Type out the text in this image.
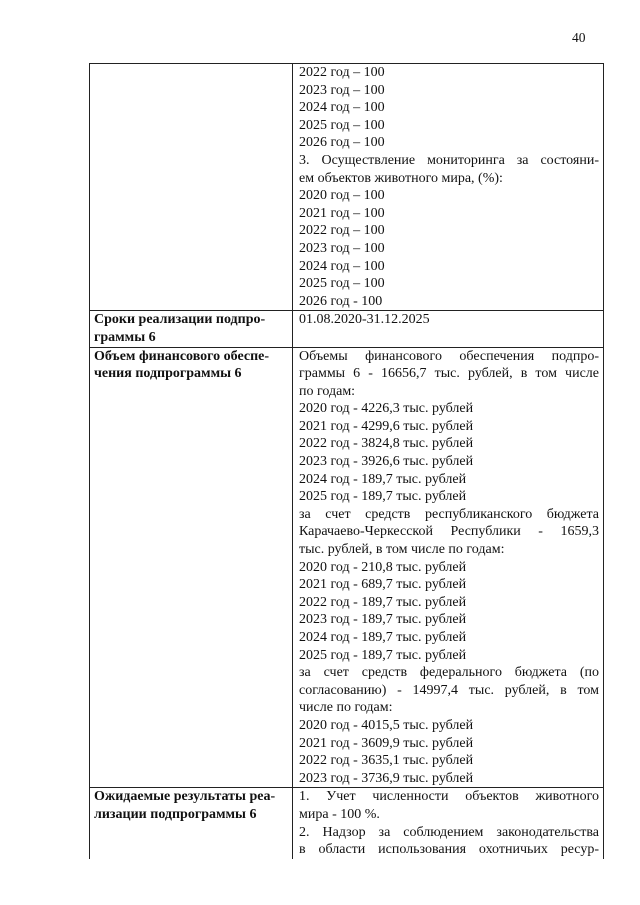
40
2022 год – 100
2023 год – 100
2024 год – 100
2025 год – 100
2026 год – 100
3. Осуществление мониторинга за состояни-
ем объектов животного мира, (%):
2020 год – 100
2021 год – 100
2022 год – 100
2023 год – 100
2024 год – 100
2025 год – 100
2026 год - 100
Сроки реализации подпро-
граммы 6
01.08.2020-31.12.2025
Объем финансового обеспе-
чения подпрограммы 6
Объемы финансового обеспечения подпро-
граммы 6 - 16656,7 тыс. рублей, в том числе
по годам:
2020 год - 4226,3 тыс. рублей
2021 год - 4299,6 тыс. рублей
2022 год - 3824,8 тыс. рублей
2023 год - 3926,6 тыс. рублей
2024 год - 189,7 тыс. рублей
2025 год - 189,7 тыс. рублей
за счет средств республиканского бюджета
Карачаево-Черкесской Республики - 1659,3
тыс. рублей, в том числе по годам:
2020 год - 210,8 тыс. рублей
2021 год - 689,7 тыс. рублей
2022 год - 189,7 тыс. рублей
2023 год - 189,7 тыс. рублей
2024 год - 189,7 тыс. рублей
2025 год - 189,7 тыс. рублей
за счет средств федерального бюджета (по
согласованию) - 14997,4 тыс. рублей, в том
числе по годам:
2020 год - 4015,5 тыс. рублей
2021 год - 3609,9 тыс. рублей
2022 год - 3635,1 тыс. рублей
2023 год - 3736,9 тыс. рублей
Ожидаемые результаты реа-
лизации подпрограммы 6
1. Учет численности объектов животного
мира - 100 %.
2. Надзор за соблюдением законодательства
в области использования охотничьих ресур-
